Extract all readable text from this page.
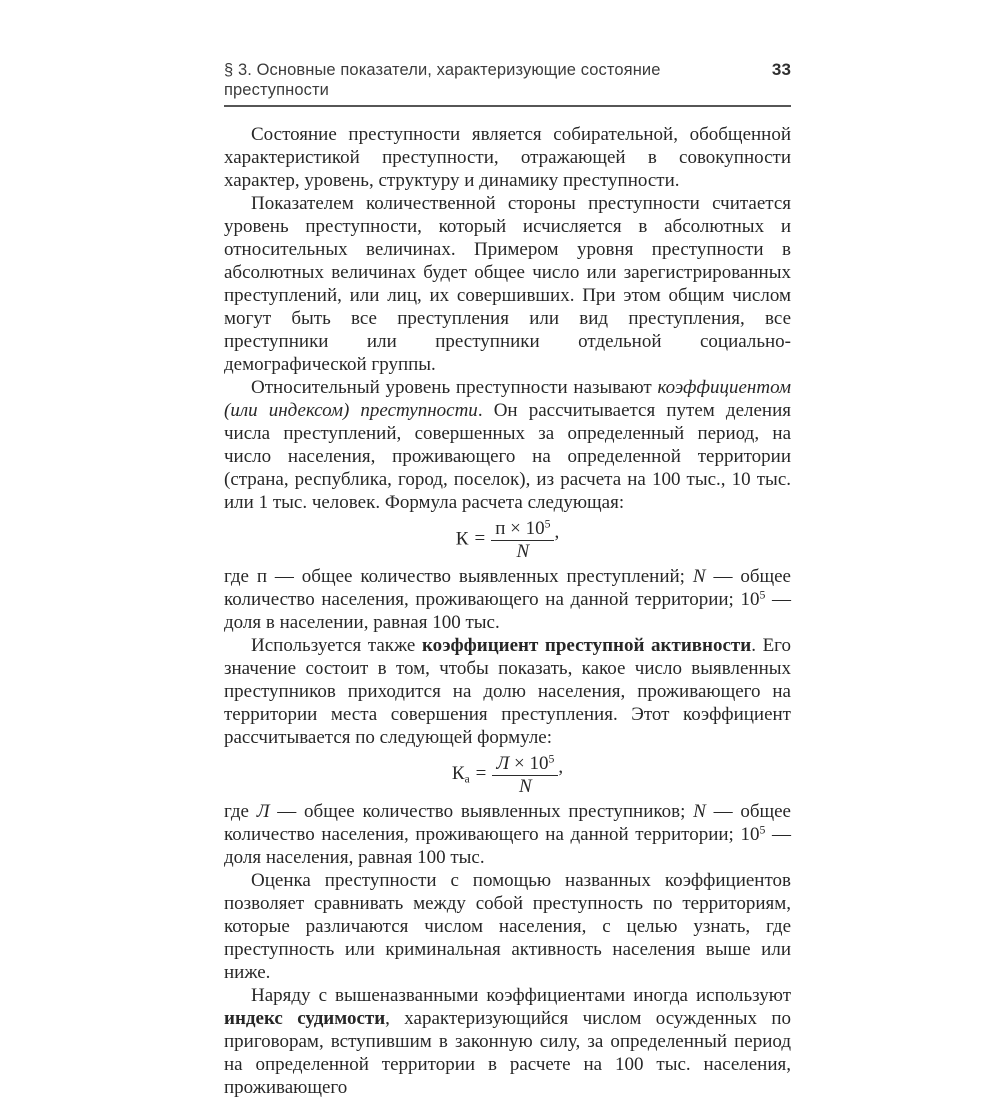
§ 3. Основные показатели, характеризующие состояние преступности
33

Состояние преступности является собирательной, обобщенной характеристикой преступности, отражающей в совокупности характер, уровень, структуру и динамику преступности.

Показателем количественной стороны преступности считается уровень преступности, который исчисляется в абсолютных и относительных величинах. Примером уровня преступности в абсолютных величинах будет общее число или зарегистрированных преступлений, или лиц, их совершивших. При этом общим числом могут быть все преступления или вид преступления, все преступники или преступники отдельной социально-демографической группы.

Относительный уровень преступности называют коэффициентом (или индексом) преступности. Он рассчитывается путем деления числа преступлений, совершенных за определенный период, на число населения, проживающего на определенной территории (страна, республика, город, поселок), из расчета на 100 тыс., 10 тыс. или 1 тыс. человек. Формула расчета следующая:

$К = \frac{п \times 10^5}{N}$ ,

где п — общее количество выявленных преступлений; N — общее количество населения, проживающего на данной территории; $10^5$ — доля в населении, равная 100 тыс.

Используется также коэффициент преступной активности. Его значение состоит в том, чтобы показать, какое число выявленных преступников приходится на долю населения, проживающего на территории места совершения преступления. Этот коэффициент рассчитывается по следующей формуле:

$К_а = \frac{Л \times 10^5}{N}$ ,

где Л — общее количество выявленных преступников; N — общее количество населения, проживающего на данной территории; $10^5$ — доля населения, равная 100 тыс.

Оценка преступности с помощью названных коэффициентов позволяет сравнивать между собой преступность по территориям, которые различаются числом населения, с целью узнать, где преступность или криминальная активность населения выше или ниже.

Наряду с вышеназванными коэффициентами иногда используют индекс судимости, характеризующийся числом осужденных по приговорам, вступившим в законную силу, за определенный период на определенной территории в расчете на 100 тыс. населения, проживающего
